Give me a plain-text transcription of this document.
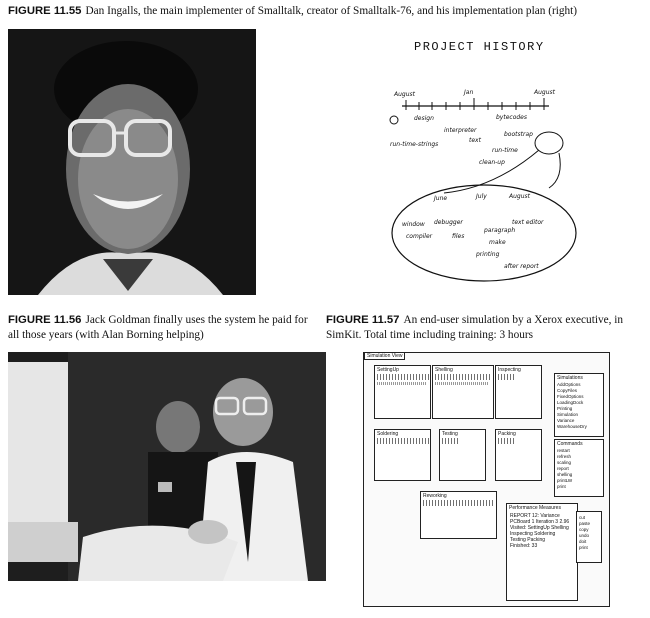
FIGURE 11.55 Dan Ingalls, the main implementer of Smalltalk, creator of Smalltalk-76, and his implementation plan (right)
FIGURE 11.56 Jack Goldman finally uses the system he paid for all those years (with Alan Borning helping)
FIGURE 11.57 An end-user simulation by a Xerox executive, in SimKit. Total time including training: 3 hours
PROJECT HISTORY
August	Jan	August
design	bytecodes
interpreter
text
bootstrap
run-time-strings
run-time
clean-up
June	July	August
window debugger
compiler	files
paragraph
make
printing
text editor
after report
Simulation View
SettingUp	Shelling	Inspecting
Soldering	Testing	Packing
Reworking
Simulations
AddOptions
CopyFiles
FixedOptions
LoadingDock
Printing
Simulation
Variance
WarehouseDry
Commands
restart
refresh
scaling
report
shelling
printLW
print
Performance Measures
REPORT 12: Variance
PCBoard 1 Iteration 3 2.96
Visited: SettingUp Shelling
Inspecting Soldering
Testing Packing
Finished: 33
cut
paste
copy
undo
doit
print
